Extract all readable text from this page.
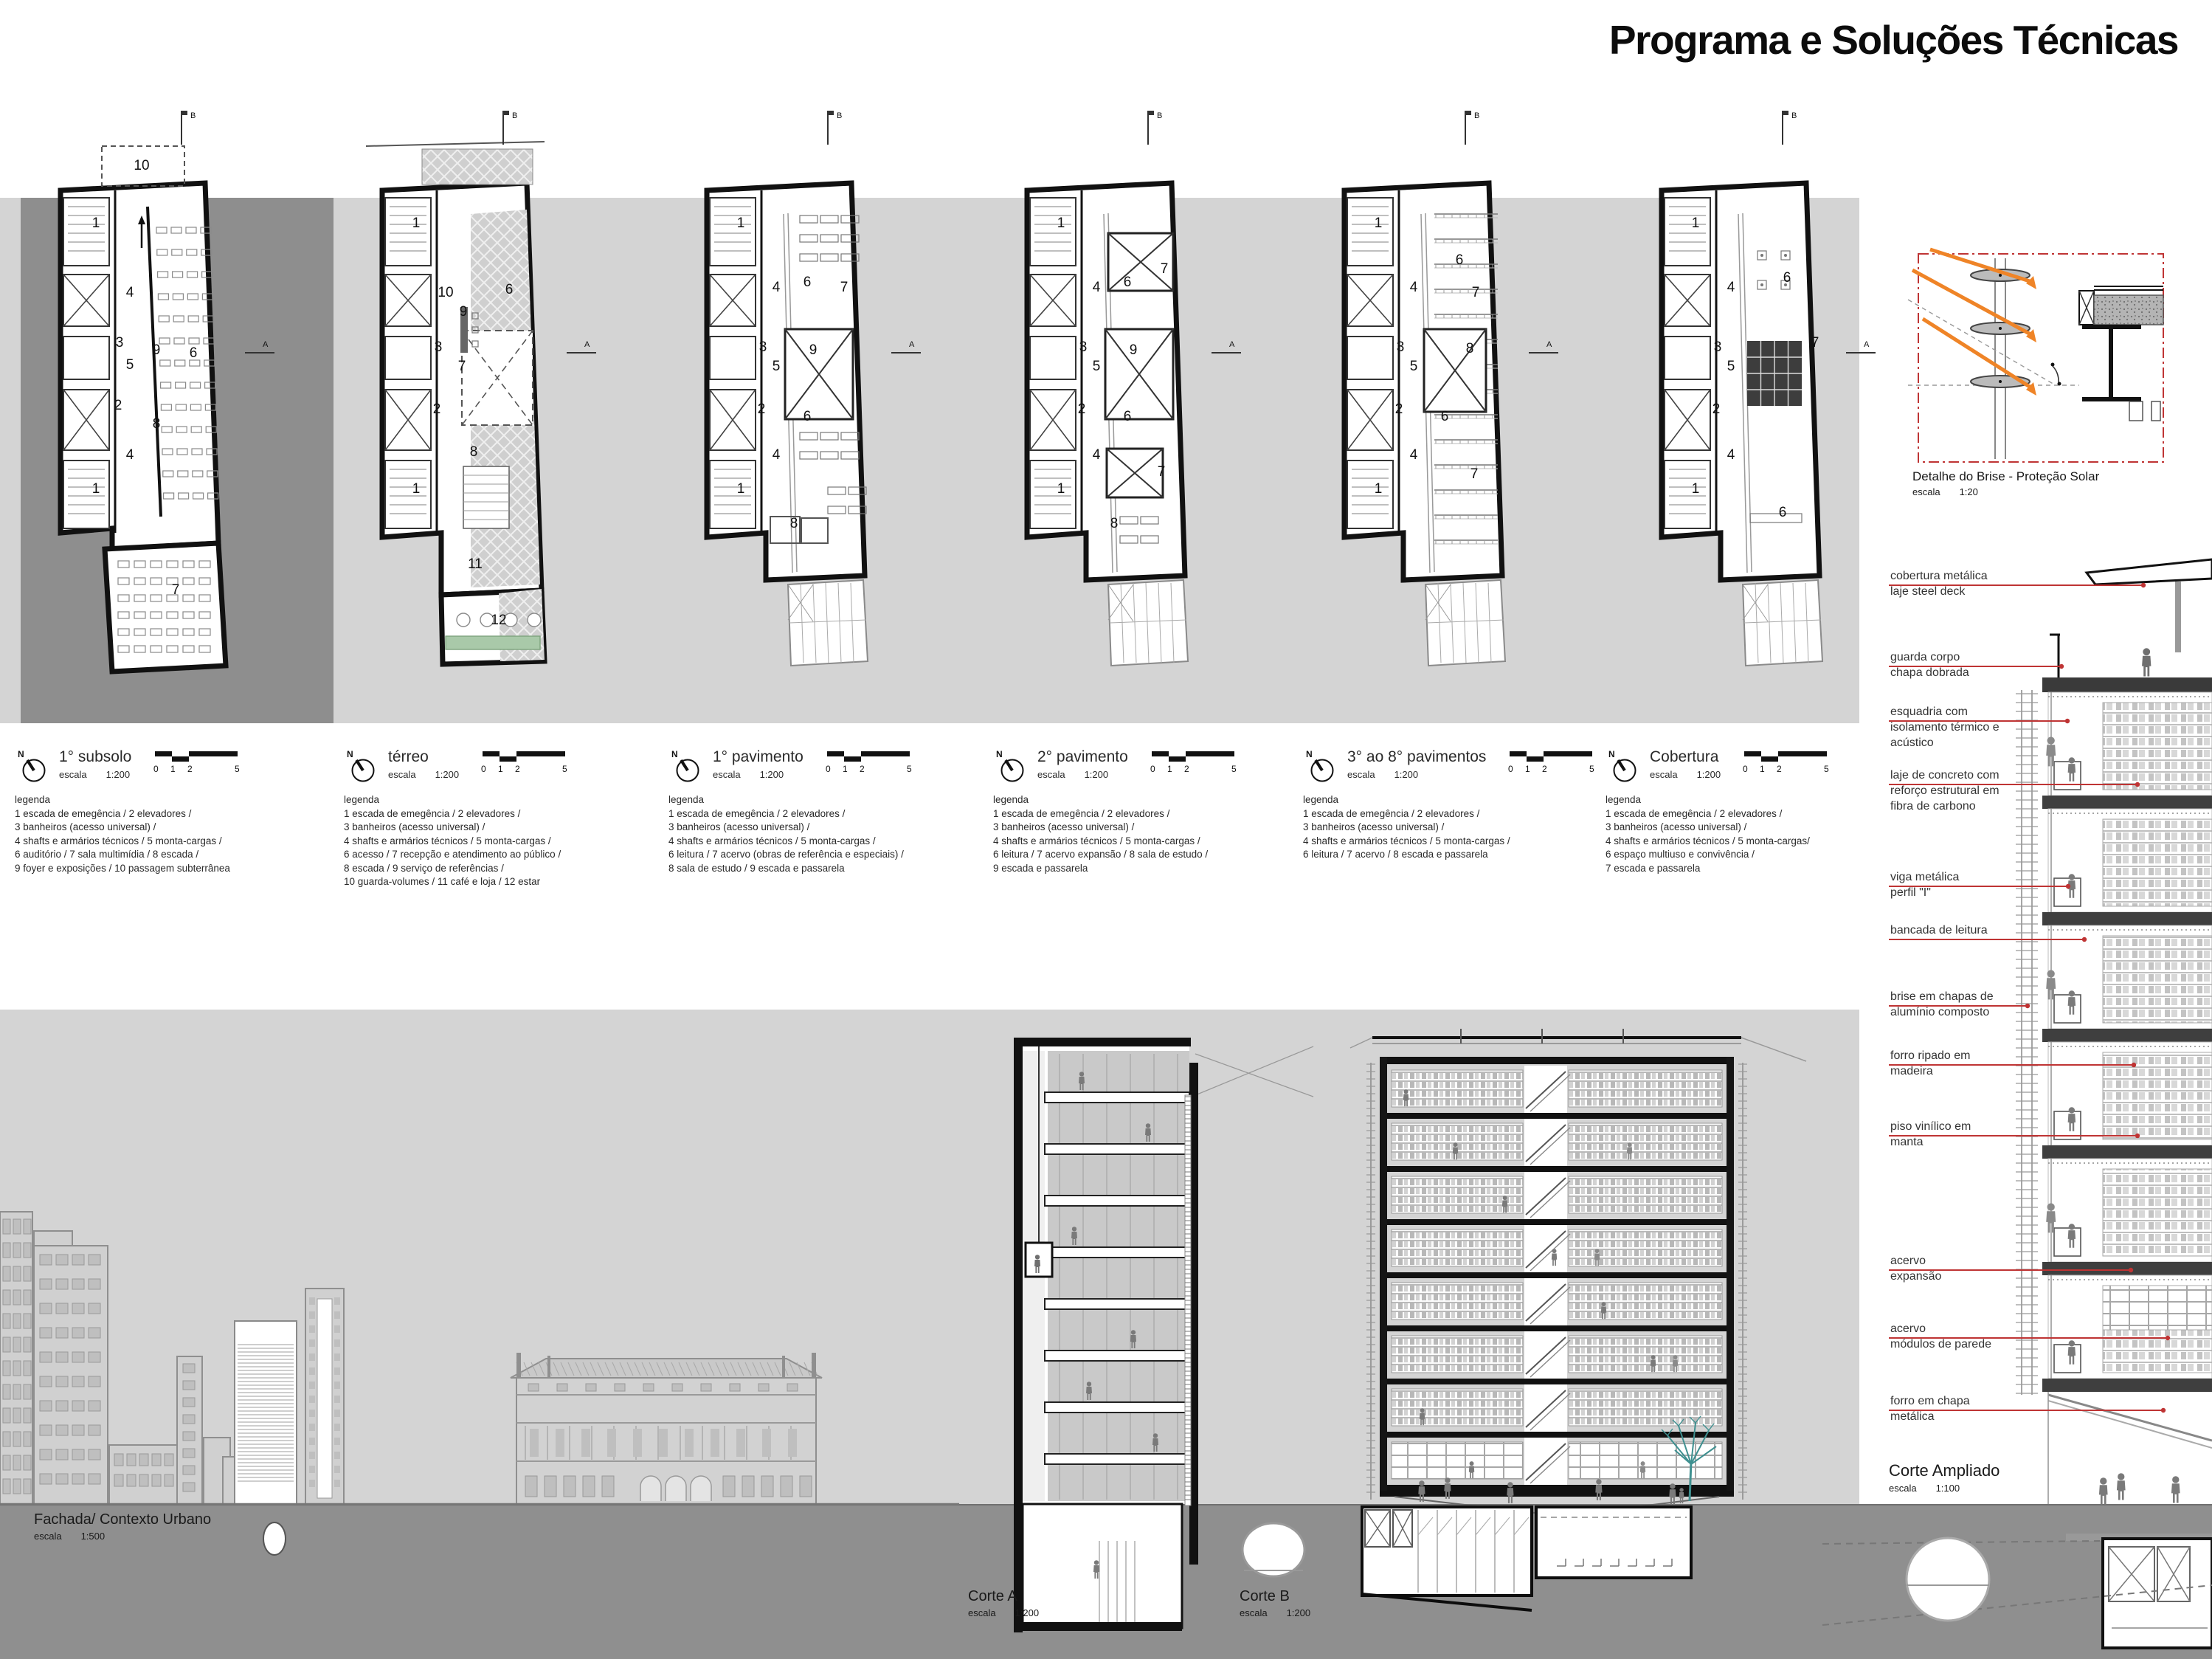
Programa e Soluções Técnicas
B
A
10
1
4
3
5
9 6
2
8
4
1
7
N 1° subsolo
escala 1:200	0 1 2	5
legenda
1 escada de emegência / 2 elevadores /
3 banheiros (acesso universal) /
4 shafts e armários técnicos / 5 monta-cargas /
6 auditório / 7 sala multimídia / 8 escada /
9 foyer e exposições / 10 passagem subterrânea
B
A
1
10
9
3
7
2
8
1
6
11
12
N térreo
escala 1:200	0 1 2	5
legenda
1 escada de emegência / 2 elevadores /
3 banheiros (acesso universal) /
4 shafts e armários técnicos / 5 monta-cargas /
6 acesso / 7 recepção e atendimento ao público /
8 escada / 9 serviço de referências /
10 guarda-volumes / 11 café e loja / 12 estar
B
A
1
4 6 7
3
5
9
2	6
4
1
8
N 1° pavimento
escala 1:200	0 1 2	5
legenda
1 escada de emegência / 2 elevadores /
3 banheiros (acesso universal) /
4 shafts e armários técnicos / 5 monta-cargas /
6 leitura / 7 acervo (obras de referência e especiais) /
8 sala de estudo / 9 escada e passarela
B
A
1
4 6
7
3
5
9
2	6
4
1
8
7
N 2° pavimento
escala 1:200	0 1 2	5
legenda
1 escada de emegência / 2 elevadores /
3 banheiros (acesso universal) /
4 shafts e armários técnicos / 5 monta-cargas /
6 leitura / 7 acervo expansão / 8 sala de estudo /
9 escada e passarela
B
A
1
6
4	7
3
5
8
2	6
4
1
7
N 3° ao 8° pavimentos
escala 1:200	0 1 2	5
legenda
1 escada de emegência / 2 elevadores /
3 banheiros (acesso universal) /
4 shafts e armários técnicos / 5 monta-cargas /
6 leitura / 7 acervo / 8 escada e passarela
B
A
1
4
6
3
5
7
2
4
1
6
N Cobertura
escala 1:200	0 1 2	5
legenda
1 escada de emegência / 2 elevadores /
3 banheiros (acesso universal) /
4 shafts e armários técnicos / 5 monta-cargas/
6 espaço multiuso e convivência /
7 escada e passarela
cobertura metálica
laje steel deck
guarda corpo
chapa dobrada
esquadria com
isolamento térmico e
acústico
laje de concreto com
reforço estrutural em
fibra de carbono
viga metálica
perfil "I"
bancada de leitura
brise em chapas de
alumínio composto
forro ripado em
madeira
piso vinílico em
manta
acervo
expansão
acervo
módulos de parede
forro em chapa
metálica
Fachada/ Contexto Urbano
escala 1:500
Corte A
escala 1:200
Corte B
escala 1:200
Corte Ampliado
escala 1:100
Detalhe do Brise - Proteção Solar
escala 1:20
